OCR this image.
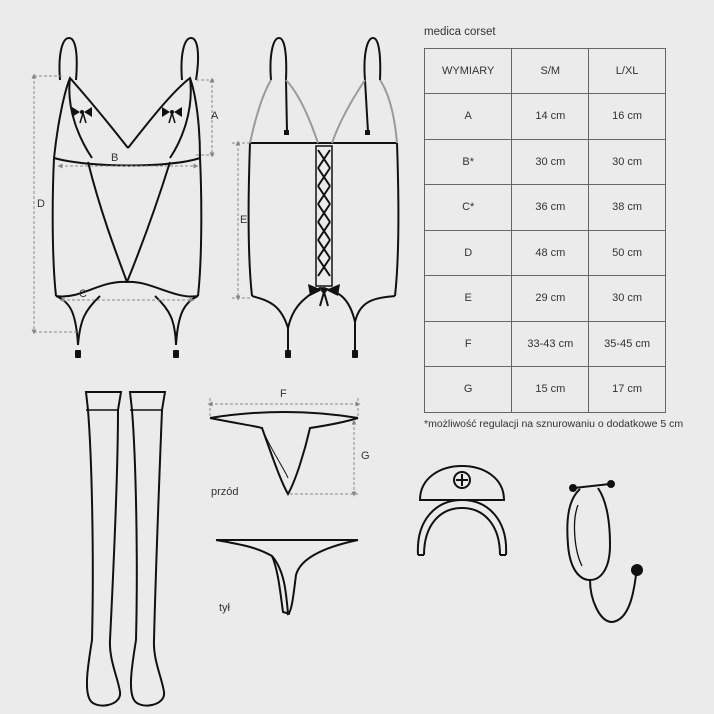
A
B
C
D
E
F
G
przód
tył
medica corset
WYMIARY	S/M	L/XL
A	14 cm	16 cm
B*	30 cm	30 cm
C*	36 cm	38 cm
D	48 cm	50 cm
E	29 cm	30 cm
F	33-43 cm	35-45 cm
G	15 cm	17 cm
*możliwość regulacji na sznurowaniu o dodatkowe 5 cm
